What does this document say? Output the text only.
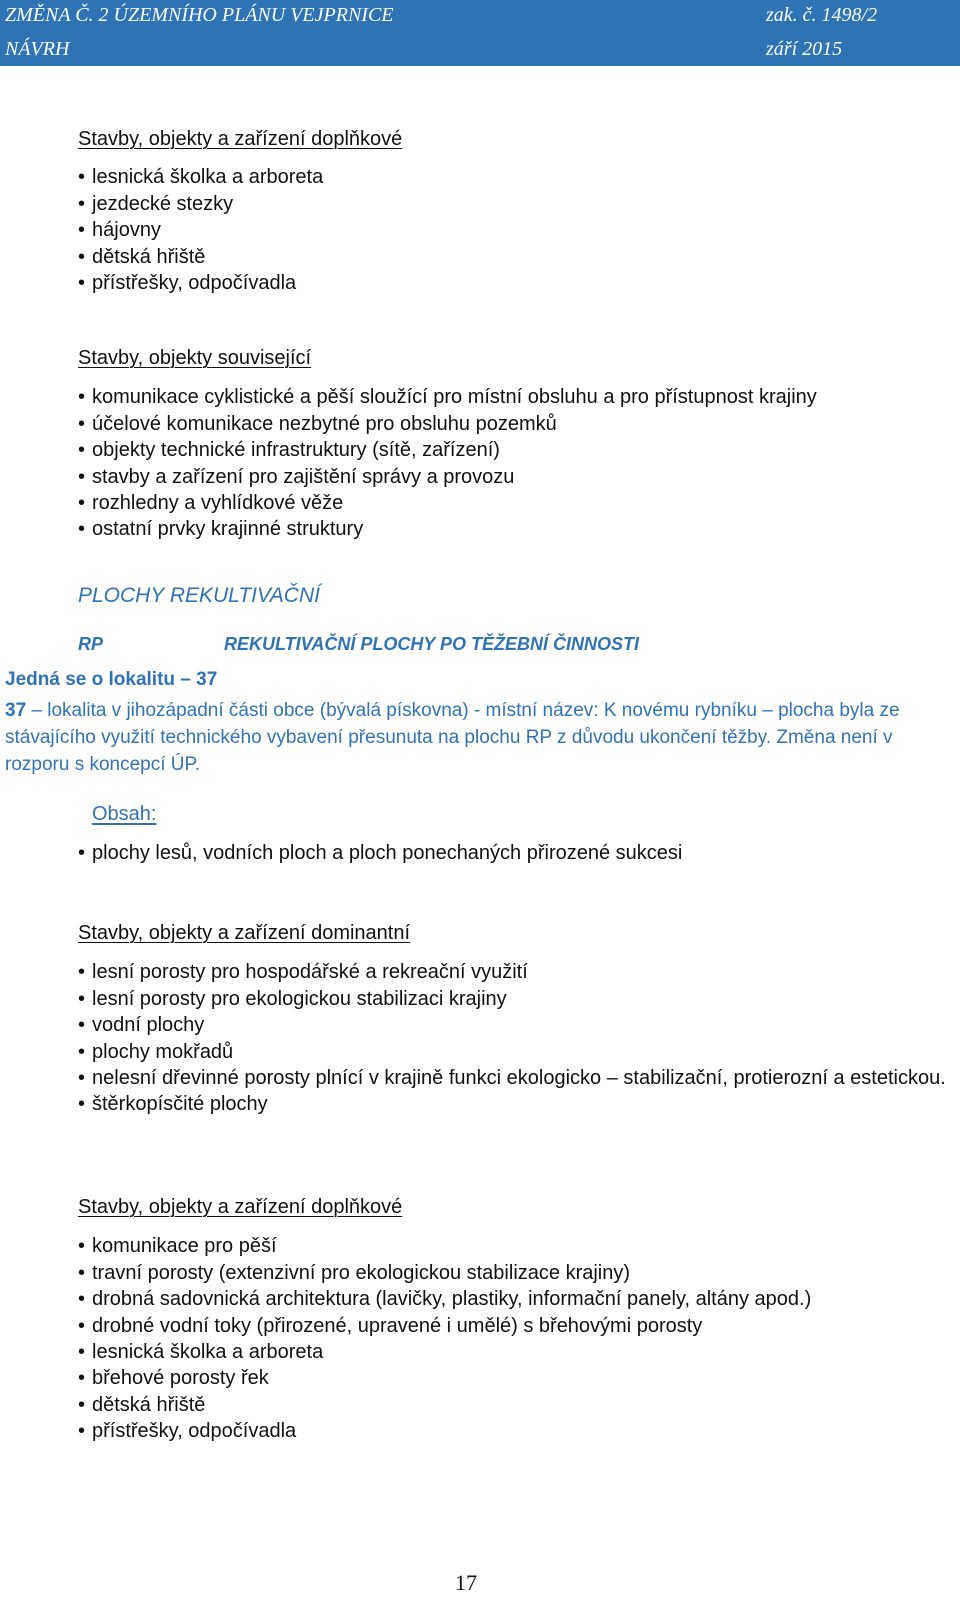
ZMĚNA Č. 2 ÚZEMNÍHO PLÁNU VEJPRNICE	zak. č. 1498/2
NÁVRH	září 2015
Stavby, objekty a zařízení doplňkové
• lesnická školka a arboreta
• jezdecké stezky
• hájovny
• dětská hřiště
• přístřešky, odpočívadla
Stavby, objekty související
• komunikace cyklistické a pěší sloužící pro místní obsluhu a pro přístupnost krajiny
• účelové komunikace nezbytné pro obsluhu pozemků
• objekty technické infrastruktury (sítě, zařízení)
• stavby a zařízení pro zajištění správy a provozu
• rozhledny a vyhlídkové věže
• ostatní prvky krajinné struktury
PLOCHY REKULTIVAČNÍ
RP	REKULTIVAČNÍ PLOCHY PO TĚŽEBNÍ ČINNOSTI
Jedná se o lokalitu – 37
37 – lokalita v jihozápadní části obce (bývalá pískovna) - místní název: K novému rybníku – plocha byla ze stávajícího využití technického vybavení přesunuta na plochu RP z důvodu ukončení těžby. Změna není v rozporu s koncepcí ÚP.
Obsah:
• plochy lesů, vodních ploch a ploch ponechaných přirozené sukcesi
Stavby, objekty a zařízení dominantní
• lesní porosty pro hospodářské a rekreační využití
• lesní porosty pro ekologickou stabilizaci krajiny
• vodní plochy
• plochy mokřadů
• nelesní dřevinné porosty plnící v krajině funkci ekologicko – stabilizační, protierozní a estetickou.
• štěrkopísčité plochy
Stavby, objekty a zařízení doplňkové
• komunikace pro pěší
• travní porosty (extenzivní pro ekologickou stabilizace krajiny)
• drobná sadovnická architektura (lavičky, plastiky, informační panely, altány apod.)
• drobné vodní toky (přirozené, upravené i umělé) s břehovými porosty
• lesnická školka a arboreta
• břehové porosty řek
• dětská hřiště
• přístřešky, odpočívadla
17
